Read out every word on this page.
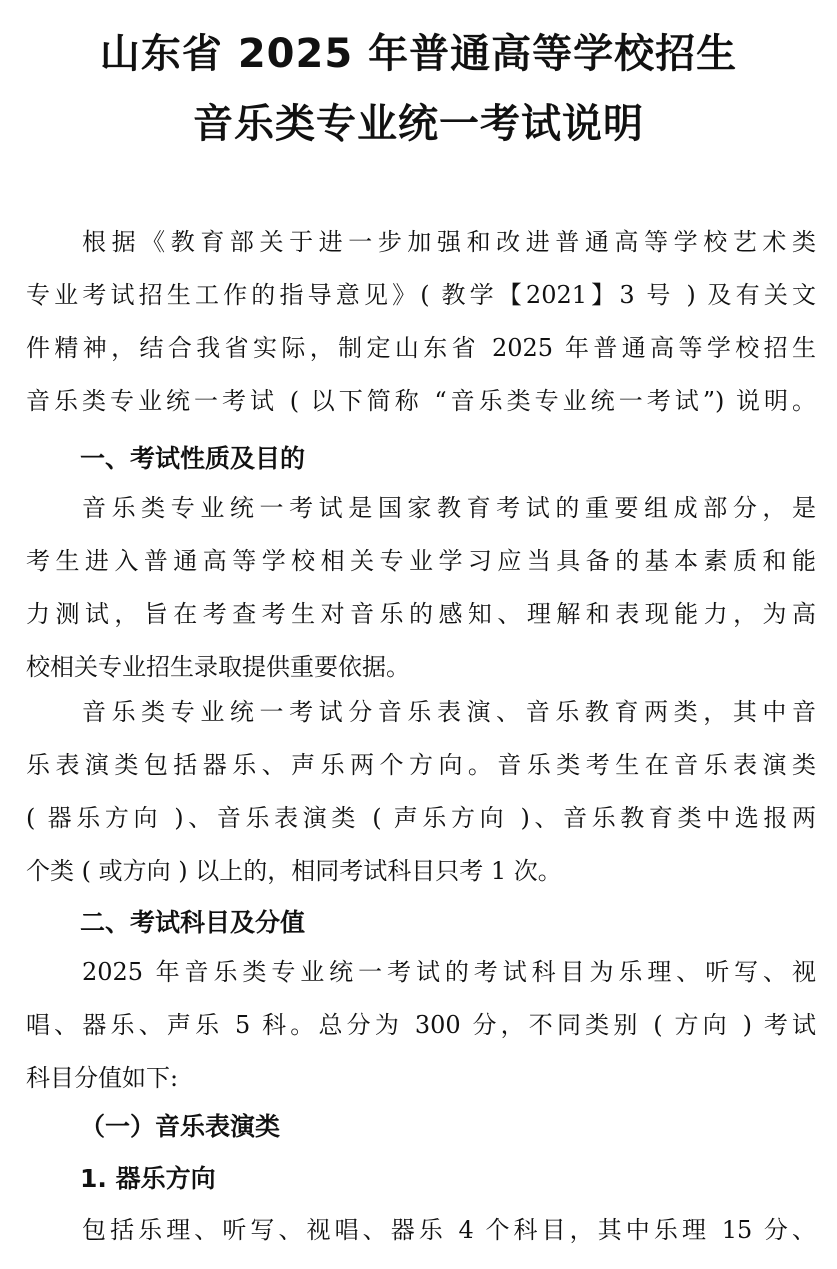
山东省 2025 年普通高等学校招生
音乐类专业统一考试说明

根据《教育部关于进一步加强和改进普通高等学校艺术类
专业考试招生工作的指导意见》( 教学【2021】3 号 ) 及有关文
件精神，结合我省实际，制定山东省 2025 年普通高等学校招生
音乐类专业统一考试 ( 以下简称 “音乐类专业统一考试”) 说明。

一、考试性质及目的

音乐类专业统一考试是国家教育考试的重要组成部分，是
考生进入普通高等学校相关专业学习应当具备的基本素质和能
力测试，旨在考查考生对音乐的感知、理解和表现能力，为高
校相关专业招生录取提供重要依据。

音乐类专业统一考试分音乐表演、音乐教育两类，其中音
乐表演类包括器乐、声乐两个方向。音乐类考生在音乐表演类
( 器乐方向 )、音乐表演类 ( 声乐方向 )、音乐教育类中选报两
个类 ( 或方向 ) 以上的，相同考试科目只考 1 次。

二、考试科目及分值

2025 年音乐类专业统一考试的考试科目为乐理、听写、视
唱、器乐、声乐 5 科。总分为 300 分，不同类别 ( 方向 ) 考试
科目分值如下:

（一）音乐表演类
1. 器乐方向

包括乐理、听写、视唱、器乐 4 个科目，其中乐理 15 分、
